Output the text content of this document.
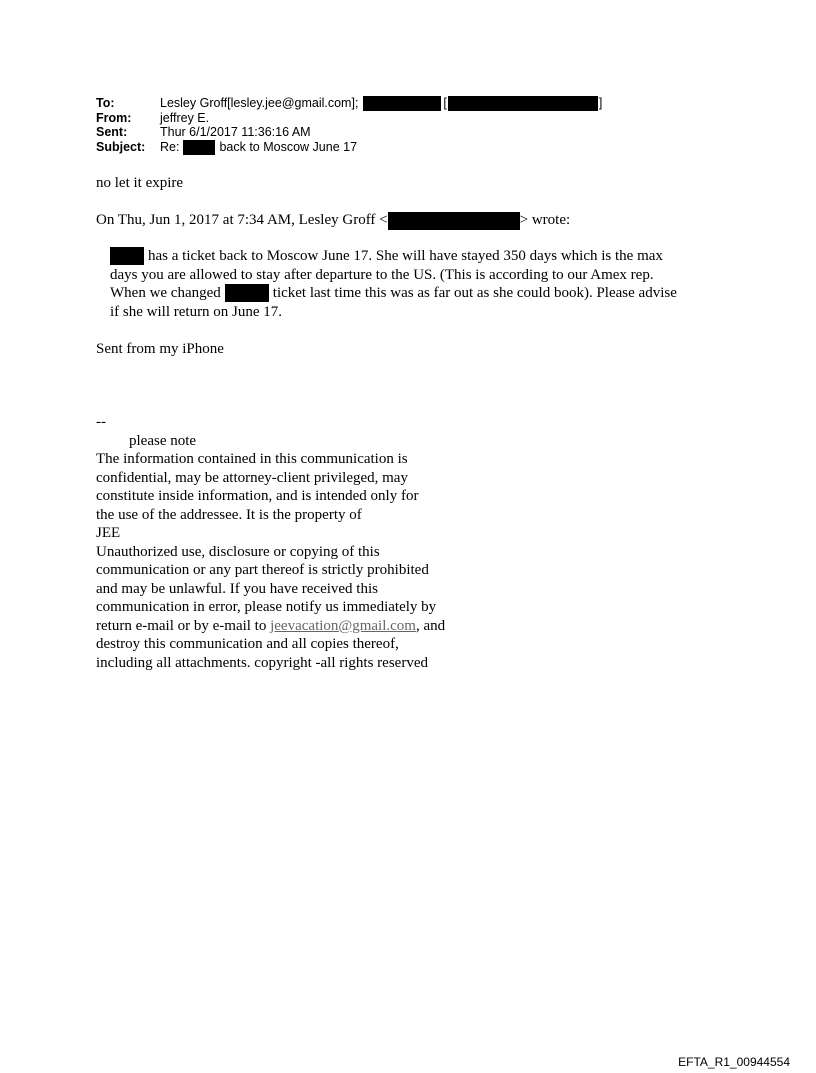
To:	Lesley Groff[lesley.jee@gmail.com];	[	]
From:	jeffrey E.
Sent:	Thur 6/1/2017 11:36:16 AM
Subject:	Re:	back to Moscow June 17
no let it expire
On Thu, Jun 1, 2017 at 7:34 AM, Lesley Groff <	> wrote:
has a ticket back to Moscow June 17. She will have stayed 350 days which is the max
days you are allowed to stay after departure to the US. (This is according to our Amex rep.
When we changed	ticket last time this was as far out as she could book). Please advise
if she will return on June 17.
Sent from my iPhone
--
please note
The information contained in this communication is
confidential, may be attorney-client privileged, may
constitute inside information, and is intended only for
the use of the addressee. It is the property of
JEE
Unauthorized use, disclosure or copying of this
communication or any part thereof is strictly prohibited
and may be unlawful. If you have received this
communication in error, please notify us immediately by
return e-mail or by e-mail to jeevacation@gmail.com, and
destroy this communication and all copies thereof,
including all attachments. copyright -all rights reserved
EFTA_R1_00944554
